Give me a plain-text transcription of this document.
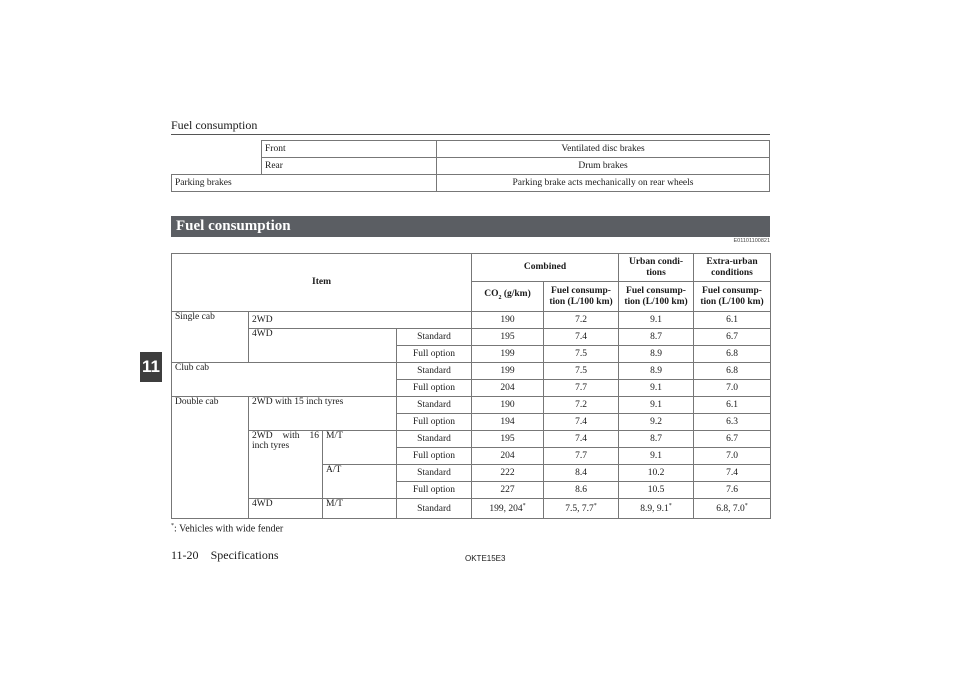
Fuel consumption
11
	Front	Ventilated disc brakes
	Rear	Drum brakes
Parking brakes		Parking brake acts mechanically on rear wheels
Fuel consumption
E01101100821
Item				Combined		Urban condi-tions	Extra-urban conditions
				$CO_2$ (g/km)	Fuel consump-tion (L/100 km)	Fuel consump-tion (L/100 km)	Fuel consump-tion (L/100 km)
Single cab	2WD			190	7.2	9.1	6.1
	4WD		Standard	195	7.4	8.7	6.7
			Full option	199	7.5	8.9	6.8
Club cab			Standard	199	7.5	8.9	6.8
			Full option	204	7.7	9.1	7.0
Double cab	2WD with 15 inch tyres		Standard	190	7.2	9.1	6.1
			Full option	194	7.4	9.2	6.3
	2WD with 16 inch tyres	M/T	Standard	195	7.4	8.7	6.7
			Full option	204	7.7	9.1	7.0
		A/T	Standard	222	8.4	10.2	7.4
			Full option	227	8.6	10.5	7.6
	4WD	M/T	Standard	199, 204*	7.5, 7.7*	8.9, 9.1*	6.8, 7.0*
*: Vehicles with wide fender
11-20 Specifications	OKTE15E3
